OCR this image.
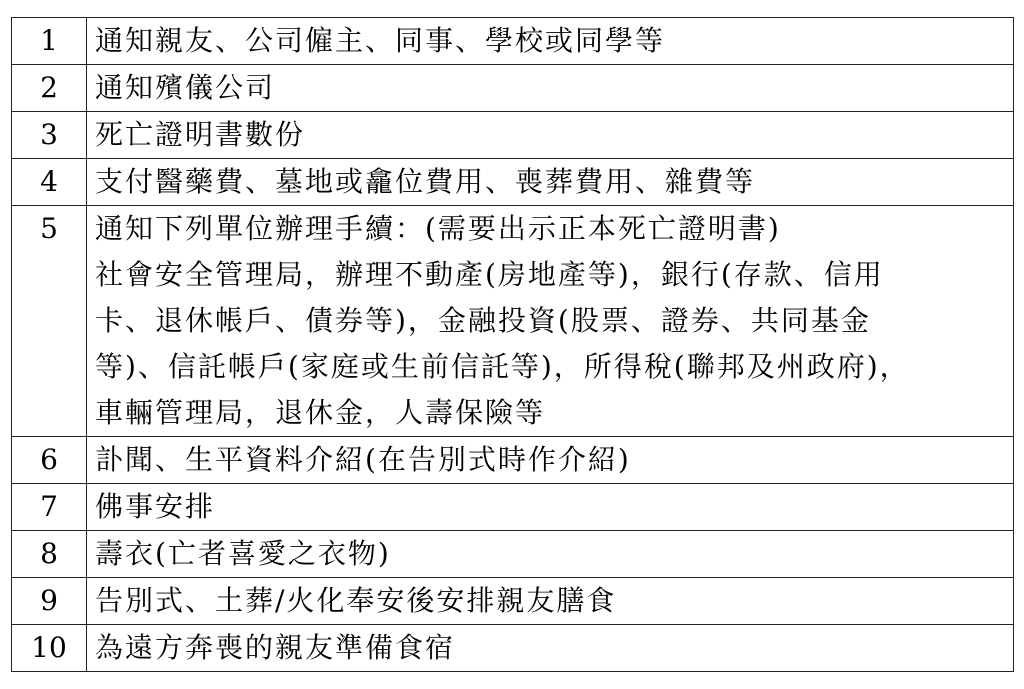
1	通知親友、公司僱主、同事、學校或同學等

2	通知殯儀公司

3	死亡證明書數份

4	支付醫藥費、墓地或龕位費用、喪葬費用、雜費等

5	通知下列單位辦理手續：(需要出示正本死亡證明書)
社會安全管理局，辦理不動產(房地產等)，銀行(存款、信用
卡、退休帳戶、債券等)，金融投資(股票、證券、共同基金
等)、信託帳戶(家庭或生前信託等)，所得稅(聯邦及州政府)，
車輛管理局，退休金，人壽保險等

6	訃聞、生平資料介紹(在告別式時作介紹)

7	佛事安排

8	壽衣(亡者喜愛之衣物)

9	告別式、土葬/火化奉安後安排親友膳食

10	為遠方奔喪的親友準備食宿
